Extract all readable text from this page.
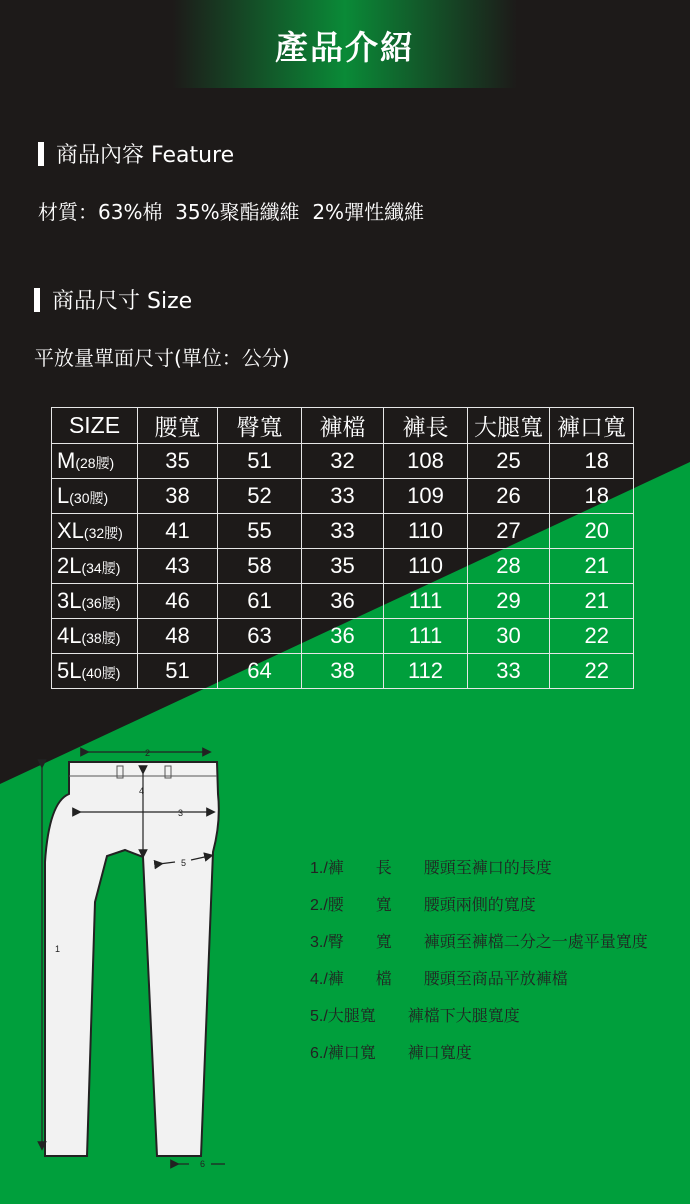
產品介紹
商品內容 Feature
材質：63%棉  35%聚酯纖維  2%彈性纖維
商品尺寸 Size
平放量單面尺寸(單位：公分)
SIZE	腰寬	臀寬	褲檔	褲長	大腿寬	褲口寬
M(28腰)	35	51	32	108	25	18
L(30腰)	38	52	33	109	26	18
XL(32腰)	41	55	33	110	27	20
2L(34腰)	43	58	35	110	28	21
3L(36腰)	46	61	36	111	29	21
4L(38腰)	48	63	36	111	30	22
5L(40腰)	51	64	38	112	33	22
2
3
4
5
1
6
1./褲　　長　　腰頭至褲口的長度
2./腰　　寬　　腰頭兩側的寬度
3./臀　　寬　　褲頭至褲檔二分之一處平量寬度
4./褲　　檔　　腰頭至商品平放褲檔
5./大腿寬　　褲檔下大腿寬度
6./褲口寬　　褲口寬度
